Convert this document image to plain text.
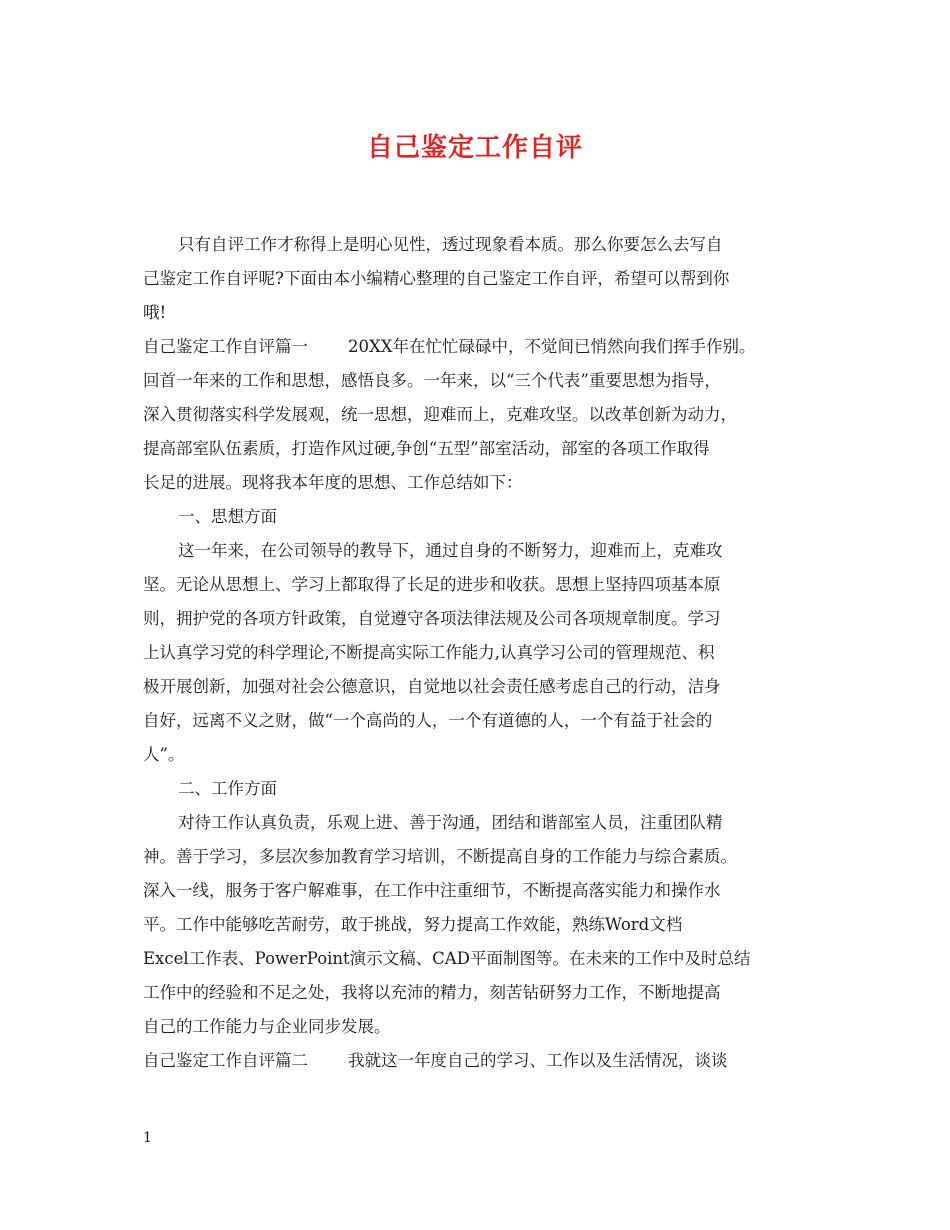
自己鉴定工作自评
只有自评工作才称得上是明心见性，透过现象看本质。那么你要怎么去写自
己鉴定工作自评呢?下面由本小编精心整理的自己鉴定工作自评，希望可以帮到你
哦!
自己鉴定工作自评篇一 20XX年在忙忙碌碌中，不觉间已悄然向我们挥手作别。
回首一年来的工作和思想，感悟良多。一年来，以“三个代表”重要思想为指导，
深入贯彻落实科学发展观，统一思想，迎难而上，克难攻坚。以改革创新为动力，
提高部室队伍素质，打造作风过硬,争创“五型”部室活动，部室的各项工作取得
长足的进展。现将我本年度的思想、工作总结如下：
一、思想方面
这一年来，在公司领导的教导下，通过自身的不断努力，迎难而上，克难攻
坚。无论从思想上、学习上都取得了长足的进步和收获。思想上坚持四项基本原
则，拥护党的各项方针政策，自觉遵守各项法律法规及公司各项规章制度。学习
上认真学习党的科学理论,不断提高实际工作能力,认真学习公司的管理规范、积
极开展创新，加强对社会公德意识，自觉地以社会责任感考虑自己的行动，洁身
自好，远离不义之财，做“一个高尚的人，一个有道德的人，一个有益于社会的
人”。
二、工作方面
对待工作认真负责，乐观上进、善于沟通，团结和谐部室人员，注重团队精
神。善于学习，多层次参加教育学习培训，不断提高自身的工作能力与综合素质。
深入一线，服务于客户解难事，在工作中注重细节，不断提高落实能力和操作水
平。工作中能够吃苦耐劳，敢于挑战，努力提高工作效能，熟练Word文档
Excel工作表、PowerPoint演示文稿、CAD平面制图等。在未来的工作中及时总结
工作中的经验和不足之处，我将以充沛的精力，刻苦钻研努力工作，不断地提高
自己的工作能力与企业同步发展。
自己鉴定工作自评篇二 我就这一年度自己的学习、工作以及生活情况，谈谈
1
